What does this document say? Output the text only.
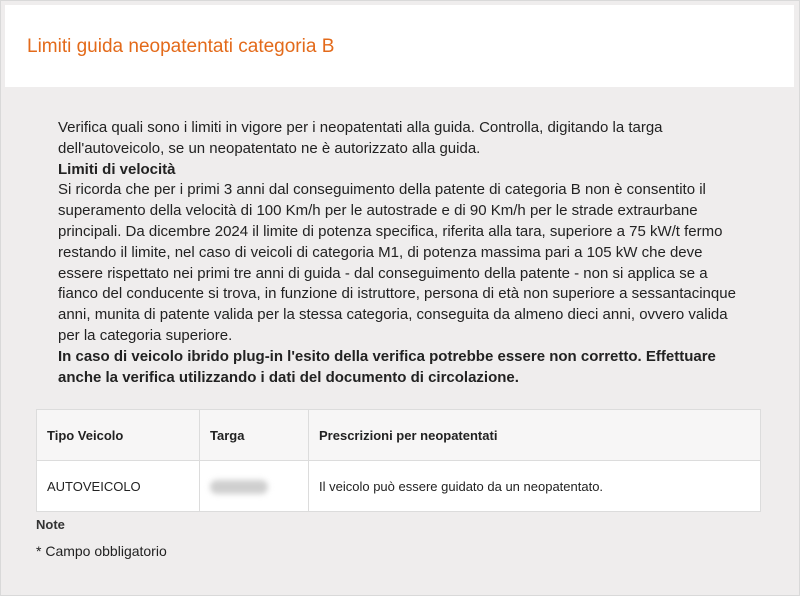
Limiti guida neopatentati categoria B

Verifica quali sono i limiti in vigore per i neopatentati alla guida. Controlla, digitando la targa dell'autoveicolo, se un neopatentato ne è autorizzato alla guida.

Limiti di velocità

Si ricorda che per i primi 3 anni dal conseguimento della patente di categoria B non è consentito il superamento della velocità di 100 Km/h per le autostrade e di 90 Km/h per le strade extraurbane principali. Da dicembre 2024 il limite di potenza specifica, riferita alla tara, superiore a 75 kW/t fermo restando il limite, nel caso di veicoli di categoria M1, di potenza massima pari a 105 kW che deve essere rispettato nei primi tre anni di guida - dal conseguimento della patente - non si applica se a fianco del conducente si trova, in funzione di istruttore, persona di età non superiore a sessantacinque anni, munita di patente valida per la stessa categoria, conseguita da almeno dieci anni, ovvero valida per la categoria superiore.

In caso di veicolo ibrido plug-in l'esito della verifica potrebbe essere non corretto. Effettuare anche la verifica utilizzando i dati del documento di circolazione.

Tipo Veicolo	Targa	Prescrizioni per neopatentati
AUTOVEICOLO		Il veicolo può essere guidato da un neopatentato.
Note
* Campo obbligatorio
